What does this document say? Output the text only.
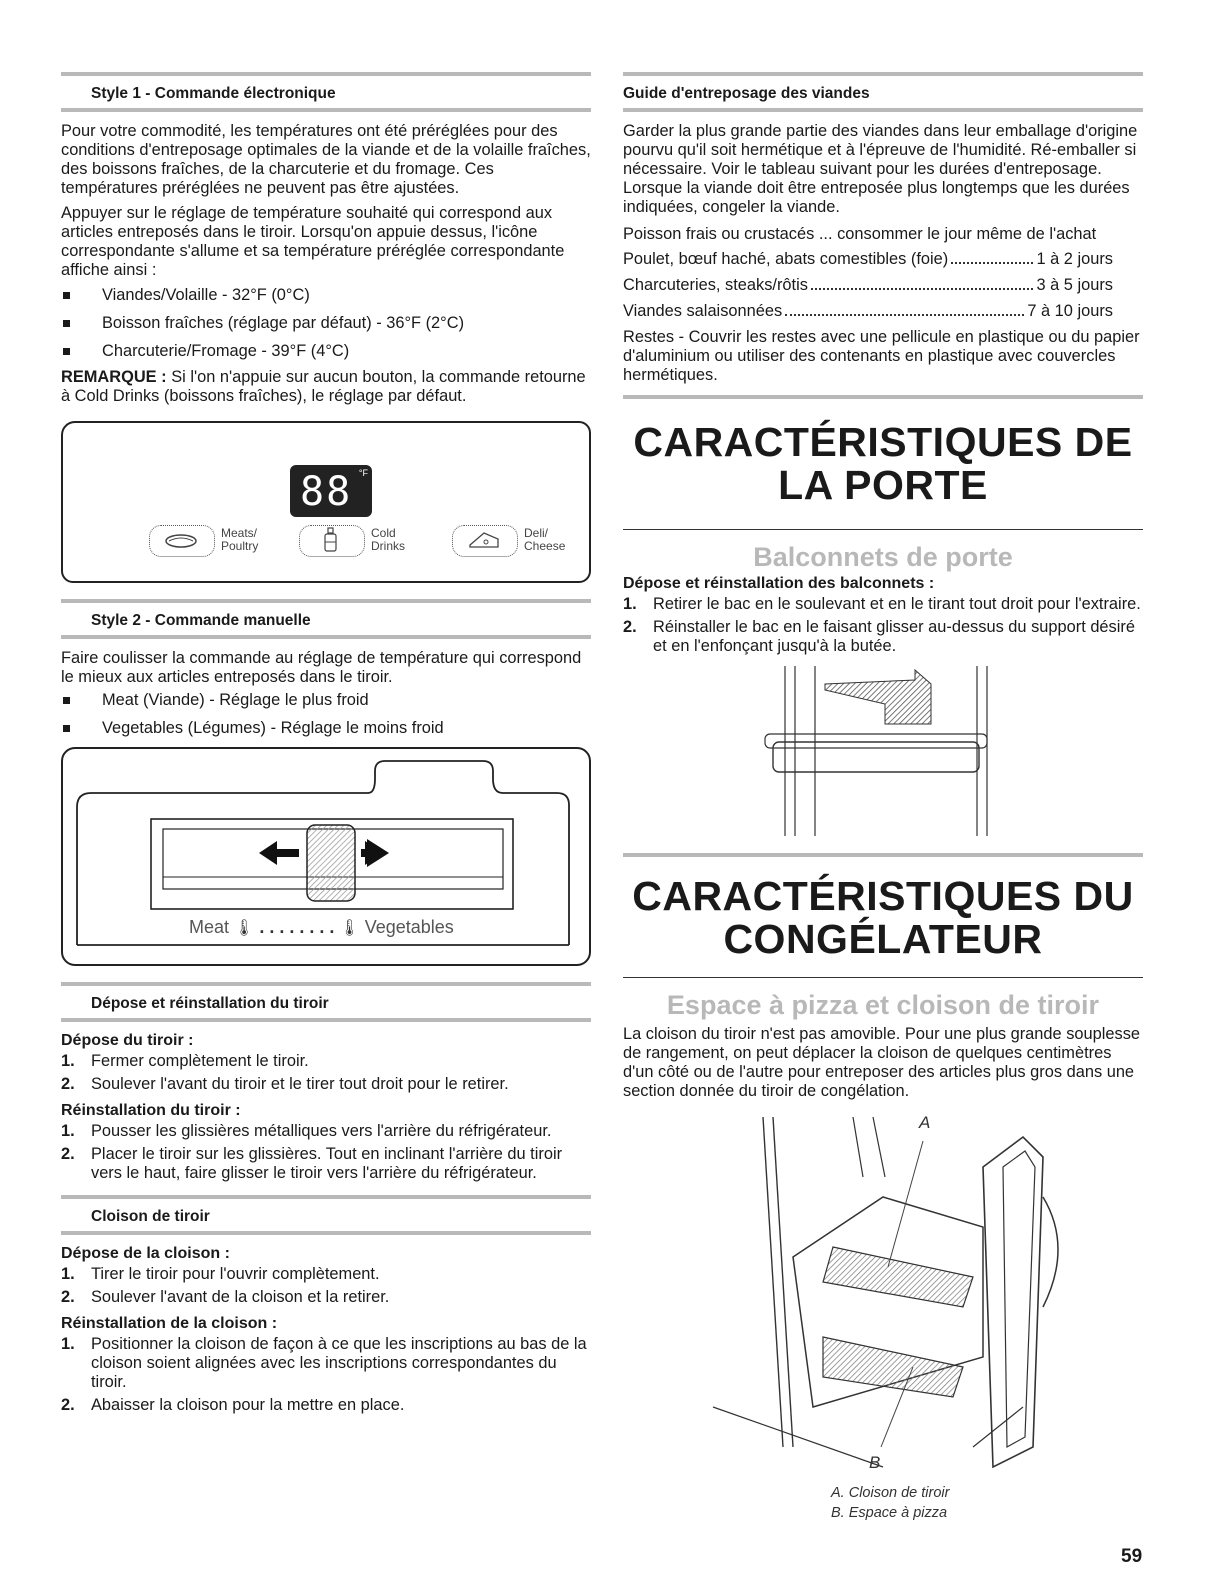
Style 1 - Commande électronique

Pour votre commodité, les températures ont été préréglées pour des conditions d'entreposage optimales de la viande et de la volaille fraîches, des boissons fraîches, de la charcuterie et du fromage. Ces températures préréglées ne peuvent pas être ajustées.

Appuyer sur le réglage de température souhaité qui correspond aux articles entreposés dans le tiroir. Lorsqu'on appuie dessus, l'icône correspondante s'allume et sa température préréglée correspondante affiche ainsi :

Viandes/Volaille - 32°F (0°C)
Boisson fraîches (réglage par défaut) - 36°F (2°C)
Charcuterie/Fromage - 39°F (4°C)

REMARQUE : Si l'on n'appuie sur aucun bouton, la commande retourne à Cold Drinks (boissons fraîches), le réglage par défaut.

88 °F
Meats/
Poultry
Cold
Drinks
Deli/
Cheese
Style 2 - Commande manuelle

Faire coulisser la commande au réglage de température qui correspond le mieux aux articles entreposés dans le tiroir.

Meat (Viande) - Réglage le plus froid
Vegetables (Légumes) - Réglage le moins froid
Meat 🌡 . . . . . . . . 🌡 Vegetables
Dépose et réinstallation du tiroir
Dépose du tiroir :
1. Fermer complètement le tiroir.
2. Soulever l'avant du tiroir et le tirer tout droit pour le retirer.
Réinstallation du tiroir :
1. Pousser les glissières métalliques vers l'arrière du réfrigérateur.
2. Placer le tiroir sur les glissières. Tout en inclinant l'arrière du tiroir vers le haut, faire glisser le tiroir vers l'arrière du réfrigérateur.
Cloison de tiroir
Dépose de la cloison :
1. Tirer le tiroir pour l'ouvrir complètement.
2. Soulever l'avant de la cloison et la retirer.
Réinstallation de la cloison :
1. Positionner la cloison de façon à ce que les inscriptions au bas de la cloison soient alignées avec les inscriptions correspondantes du tiroir.
2. Abaisser la cloison pour la mettre en place.
Guide d'entreposage des viandes

Garder la plus grande partie des viandes dans leur emballage d'origine pourvu qu'il soit hermétique et à l'épreuve de l'humidité. Ré-emballer si nécessaire. Voir le tableau suivant pour les durées d'entreposage. Lorsque la viande doit être entreposée plus longtemps que les durées indiquées, congeler la viande.

Poisson frais ou crustacés ... consommer le jour même de l'achat

Poulet, bœuf haché, abats comestibles (foie)	1 à 2 jours
Charcuteries, steaks/rôtis	3 à 5 jours
Viandes salaisonnées	7 à 10 jours

Restes - Couvrir les restes avec une pellicule en plastique ou du papier d'aluminium ou utiliser des contenants en plastique avec couvercles hermétiques.

CARACTÉRISTIQUES DE
LA PORTE
Balconnets de porte
Dépose et réinstallation des balconnets :
1. Retirer le bac en le soulevant et en le tirant tout droit pour l'extraire.
2. Réinstaller le bac en le faisant glisser au-dessus du support désiré et en l'enfonçant jusqu'à la butée.
CARACTÉRISTIQUES DU
CONGÉLATEUR
Espace à pizza et cloison de tiroir

La cloison du tiroir n'est pas amovible. Pour une plus grande souplesse de rangement, on peut déplacer la cloison de quelques centimètres d'un côté ou de l'autre pour entreposer des articles plus gros dans une section donnée du tiroir de congélation.

A
B
A. Cloison de tiroir
B. Espace à pizza
59
